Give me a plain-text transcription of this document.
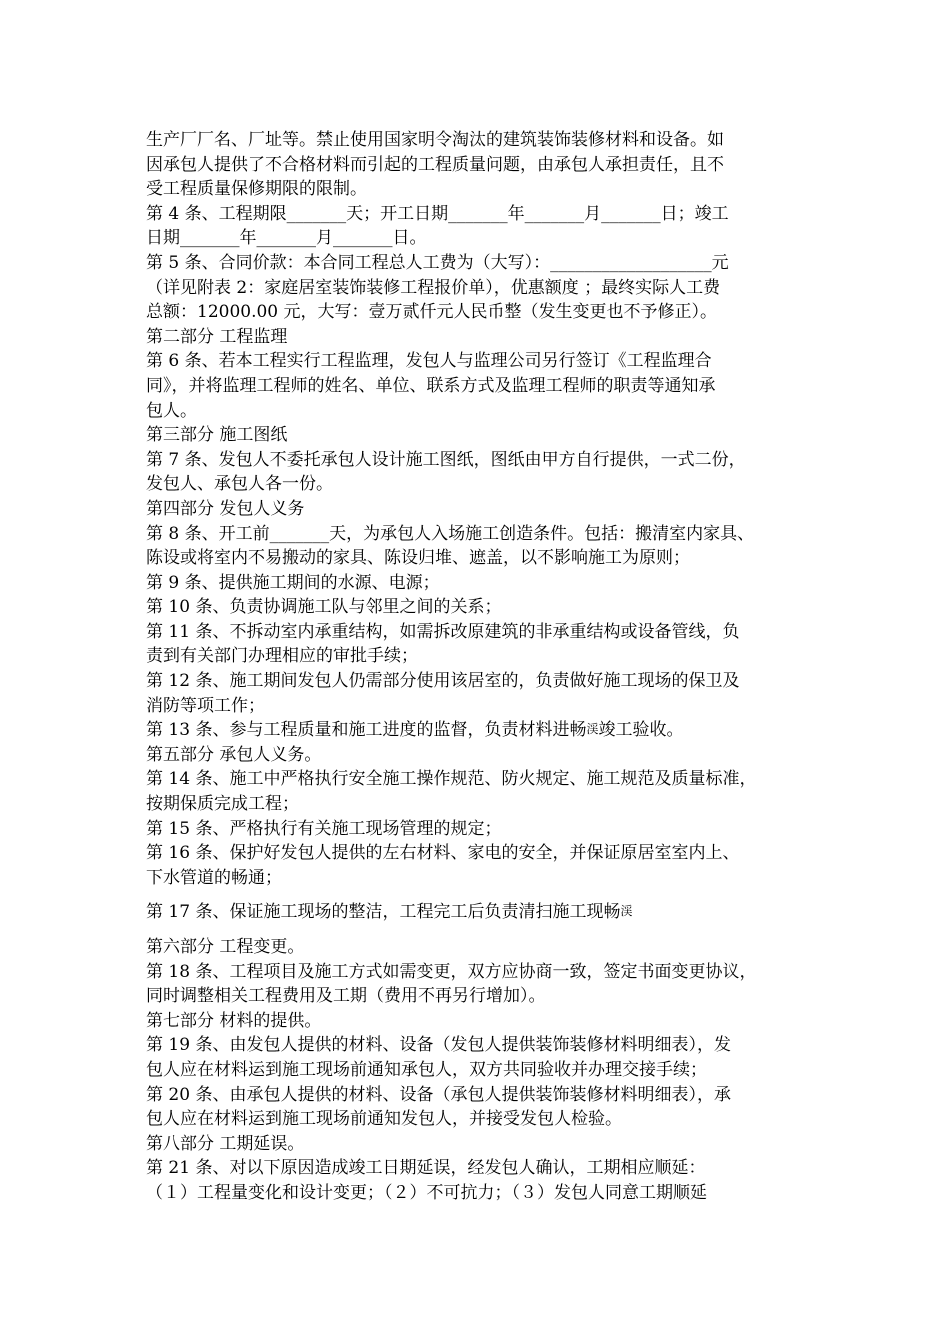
生产厂厂名、厂址等。禁止使用国家明令淘汰的建筑装饰装修材料和设备。如
因承包人提供了不合格材料而引起的工程质量问题，由承包人承担责任，且不
受工程质量保修期限的限制。
第 4 条、工程期限_______天；开工日期_______年_______月_______日；竣工
日期_______年_______月_______日。
第 5 条、合同价款：本合同工程总人工费为（大写）：___________________元
（详见附表 2：家庭居室装饰装修工程报价单），优惠额度 ；最终实际人工费
总额：12000.00 元，大写：壹万贰仟元人民币整（发生变更也不予修正）。
第二部分 工程监理
第 6 条、若本工程实行工程监理，发包人与监理公司另行签订《工程监理合
同》，并将监理工程师的姓名、单位、联系方式及监理工程师的职责等通知承
包人。
第三部分 施工图纸
第 7 条、发包人不委托承包人设计施工图纸，图纸由甲方自行提供，一式二份，
发包人、承包人各一份。
第四部分 发包人义务
第 8 条、开工前_______天，为承包人入场施工创造条件。包括：搬清室内家具、
陈设或将室内不易搬动的家具、陈设归堆、遮盖，以不影响施工为原则；
第 9 条、提供施工期间的水源、电源；
第 10 条、负责协调施工队与邻里之间的关系；
第 11 条、不拆动室内承重结构，如需拆改原建筑的非承重结构或设备管线，负
责到有关部门办理相应的审批手续；
第 12 条、施工期间发包人仍需部分使用该居室的，负责做好施工现场的保卫及
消防等项工作；
第 13 条、参与工程质量和施工进度的监督，负责材料进畅渓竣工验收。
第五部分 承包人义务。
第 14 条、施工中严格执行安全施工操作规范、防火规定、施工规范及质量标准，
按期保质完成工程；
第 15 条、严格执行有关施工现场管理的规定；
第 16 条、保护好发包人提供的左右材料、家电的安全，并保证原居室室内上、
下水管道的畅通；
第 17 条、保证施工现场的整洁，工程完工后负责清扫施工现畅渓
第六部分 工程变更。
第 18 条、工程项目及施工方式如需变更，双方应协商一致，签定书面变更协议，
同时调整相关工程费用及工期（费用不再另行增加）。
第七部分 材料的提供。
第 19 条、由发包人提供的材料、设备（发包人提供装饰装修材料明细表），发
包人应在材料运到施工现场前通知承包人，双方共同验收并办理交接手续；
第 20 条、由承包人提供的材料、设备（承包人提供装饰装修材料明细表），承
包人应在材料运到施工现场前通知发包人，并接受发包人检验。
第八部分 工期延误。
第 21 条、对以下原因造成竣工日期延误，经发包人确认，工期相应顺延：
（１）工程量变化和设计变更；（２）不可抗力；（３）发包人同意工期顺延
